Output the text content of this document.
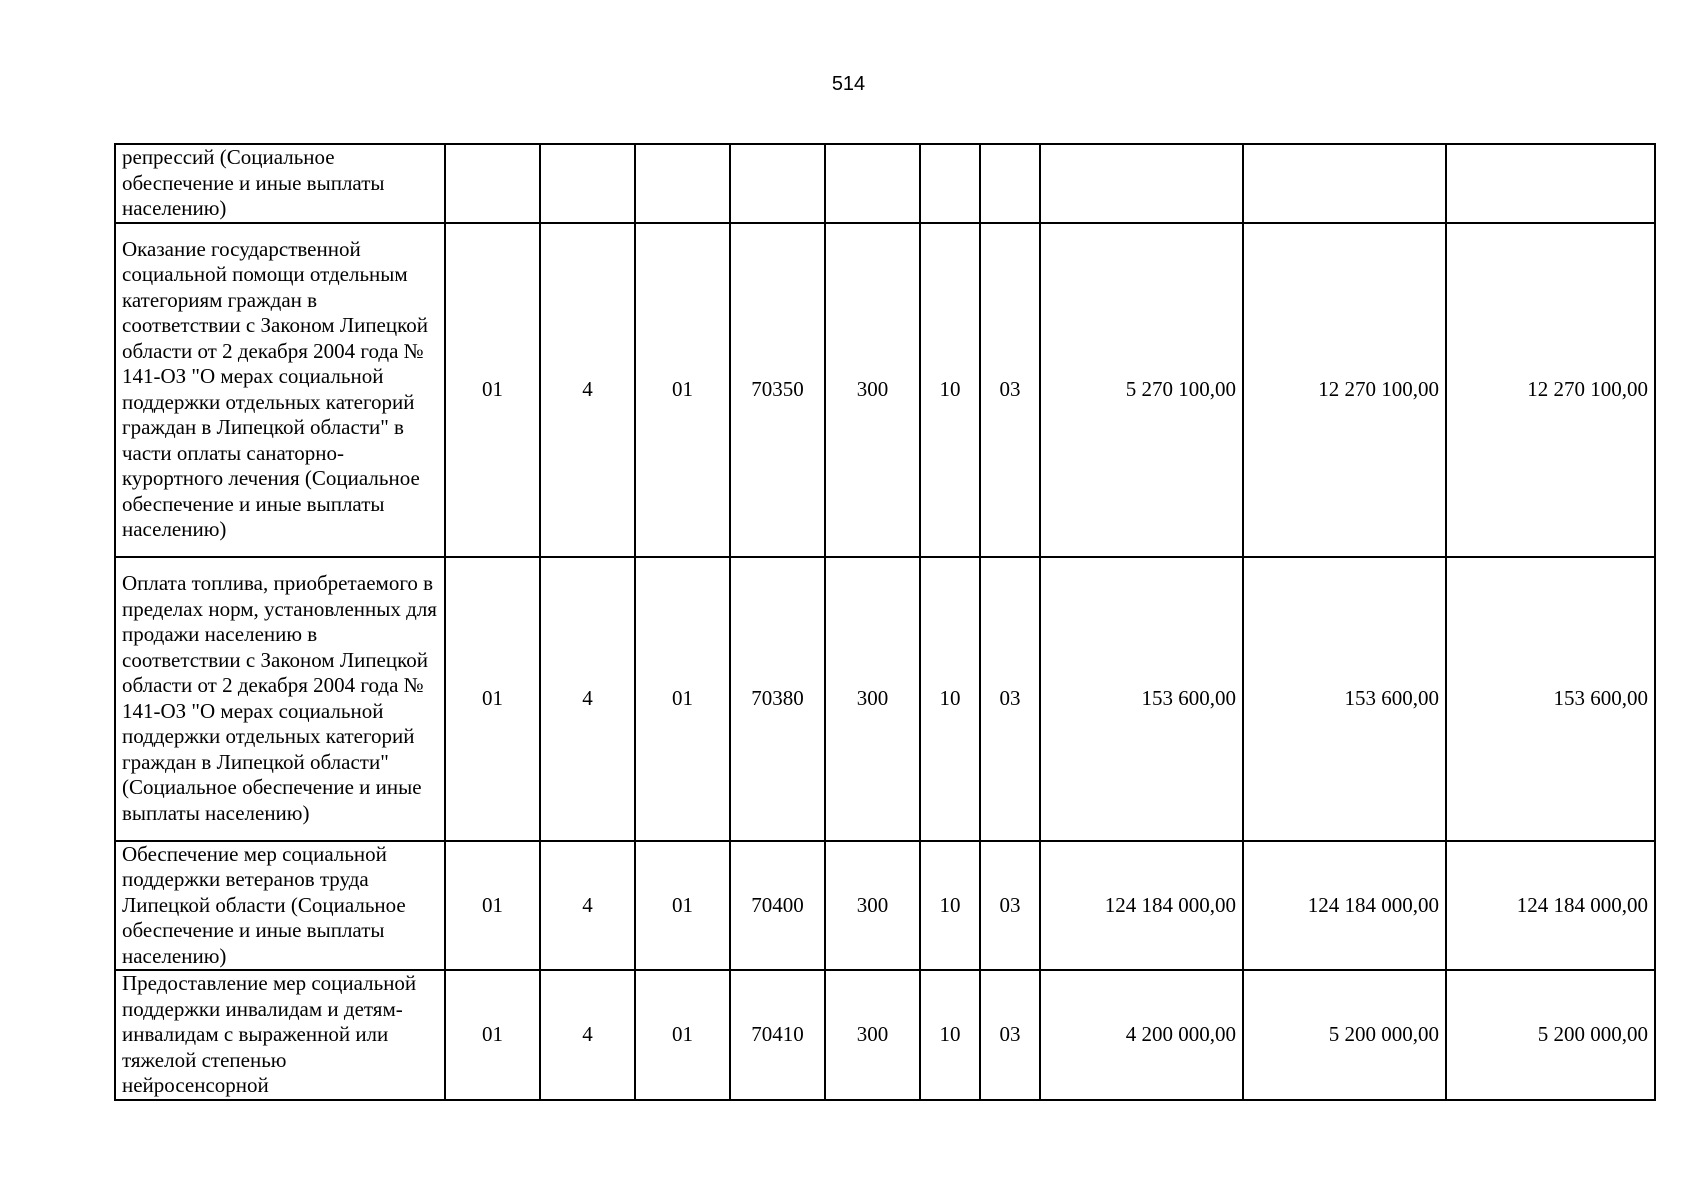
514
репрессий (Социальное обеспечение и иные выплаты населению)										
Оказание государственной социальной помощи отдельным категориям граждан в соответствии с Законом Липецкой области от 2 декабря 2004 года № 141-ОЗ "О мерах социальной поддержки отдельных категорий граждан в Липецкой области" в части оплаты санаторно-курортного лечения (Социальное обеспечение и иные выплаты населению)	01	4	01	70350	300	10	03	5 270 100,00	12 270 100,00	12 270 100,00
Оплата топлива, приобретаемого в пределах норм, установленных для продажи населению в соответствии с Законом Липецкой области от 2 декабря 2004 года № 141-ОЗ "О мерах социальной поддержки отдельных категорий граждан в Липецкой области" (Социальное обеспечение и иные выплаты населению)	01	4	01	70380	300	10	03	153 600,00	153 600,00	153 600,00
Обеспечение мер социальной поддержки ветеранов труда Липецкой области (Социальное обеспечение и иные выплаты населению)	01	4	01	70400	300	10	03	124 184 000,00	124 184 000,00	124 184 000,00
Предоставление мер социальной поддержки инвалидам и детям-инвалидам с выраженной или тяжелой степенью нейросенсорной	01	4	01	70410	300	10	03	4 200 000,00	5 200 000,00	5 200 000,00
